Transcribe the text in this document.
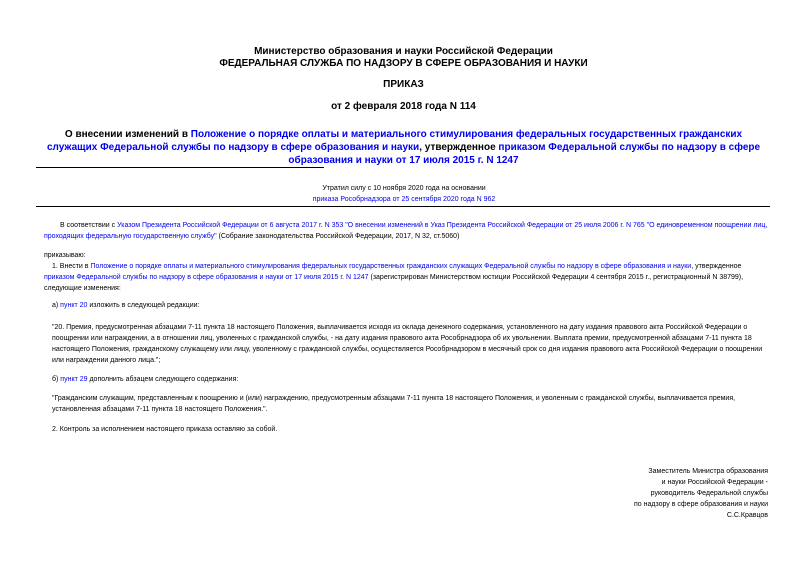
Министерство образования и науки Российской Федерации
ФЕДЕРАЛЬНАЯ СЛУЖБА ПО НАДЗОРУ В СФЕРЕ ОБРАЗОВАНИЯ И НАУКИ
ПРИКАЗ
от 2 февраля 2018 года N 114
О внесении изменений в Положение о порядке оплаты и материального стимулирования федеральных государственных гражданских служащих Федеральной службы по надзору в сфере образования и науки, утвержденное приказом Федеральной службы по надзору в сфере образования и науки от 17 июля 2015 г. N 1247
Утратил силу с 10 ноября 2020 года на основании
приказа Рособрнадзора от 25 сентября 2020 года N 962
В соответствии с Указом Президента Российской Федерации от 6 августа 2017 г. N 353 "О внесении изменений в Указ Президента Российской Федерации от 25 июля 2006 г. N 765 "О единовременном поощрении лиц, проходящих федеральную государственную службу" (Собрание законодательства Российской Федерации, 2017, N 32, ст.5060)
приказываю:
1. Внести в Положение о порядке оплаты и материального стимулирования федеральных государственных гражданских служащих Федеральной службы по надзору в сфере образования и науки, утвержденное приказом Федеральной службы по надзору в сфере образования и науки от 17 июля 2015 г. N 1247 (зарегистрирован Министерством юстиции Российской Федерации 4 сентября 2015 г., регистрационный N 38799), следующие изменения:
а) пункт 20 изложить в следующей редакции:
"20. Премия, предусмотренная абзацами 7-11 пункта 18 настоящего Положения, выплачивается исходя из оклада денежного содержания, установленного на дату издания правового акта Российской Федерации о поощрении или награждении, а в отношении лиц, уволенных с гражданской службы, - на дату издания правового акта Рособрнадзора об их увольнении. Выплата премии, предусмотренной абзацами 7-11 пункта 18 настоящего Положения, гражданскому служащему или лицу, уволенному с гражданской службы, осуществляется Рособрнадзором в месячный срок со дня издания правового акта Российской Федерации о поощрении или награждении данного лица.";
б) пункт 29 дополнить абзацем следующего содержания:
"Гражданским служащим, представленным к поощрению и (или) награждению, предусмотренным абзацами 7-11 пункта 18 настоящего Положения, и уволенным с гражданской службы, выплачивается премия, установленная абзацами 7-11 пункта 18 настоящего Положения.".
2. Контроль за исполнением настоящего приказа оставляю за собой.
Заместитель Министра образования
и науки Российской Федерации -
руководитель Федеральной службы
по надзору в сфере образования и науки
С.С.Кравцов
